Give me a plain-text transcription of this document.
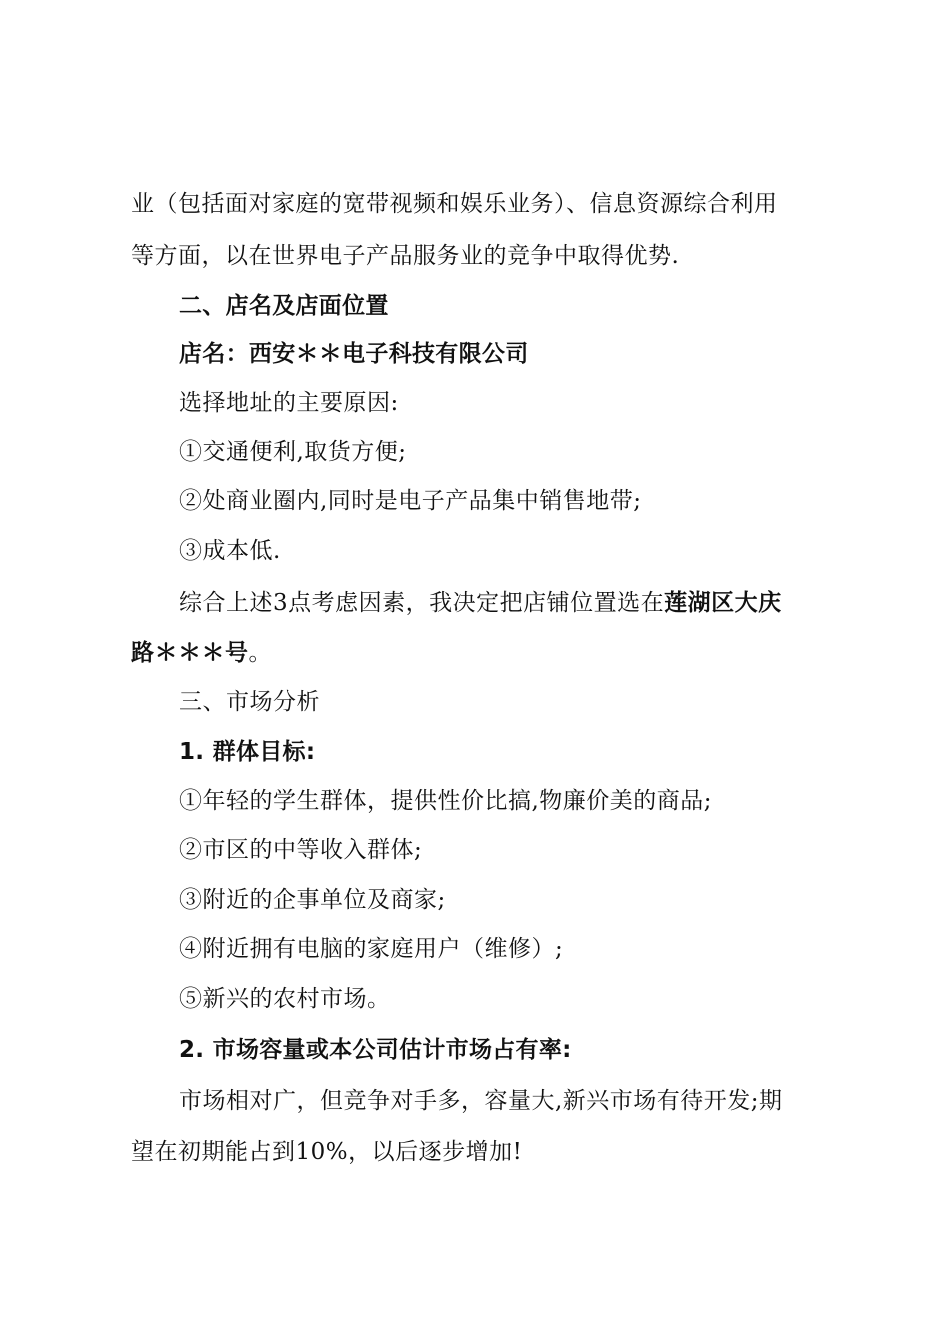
业（包括面对家庭的宽带视频和娱乐业务）、信息资源综合利用
等方面，以在世界电子产品服务业的竞争中取得优势.
二、店名及店面位置
店名：西安＊＊电子科技有限公司
选择地址的主要原因:
①交通便利,取货方便;
②处商业圈内,同时是电子产品集中销售地带;
③成本低.
综合上述3点考虑因素，我决定把店铺位置选在莲湖区大庆
路＊＊＊号。
三、市场分析
1. 群体目标:
①年轻的学生群体，提供性价比搞,物廉价美的商品;
②市区的中等收入群体;
③附近的企事单位及商家;
④附近拥有电脑的家庭用户（维修）;
⑤新兴的农村市场。
2. 市场容量或本公司估计市场占有率:
市场相对广，但竞争对手多，容量大,新兴市场有待开发;期
望在初期能占到10%，以后逐步增加!
